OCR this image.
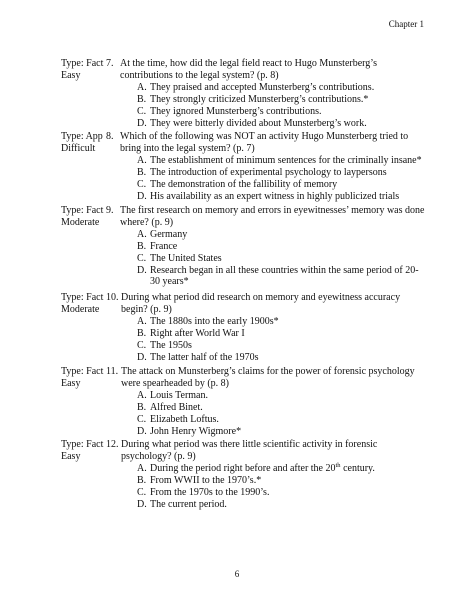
Chapter 1
Type: Fact
Easy
7. At the time, how did the legal field react to Hugo Munsterberg’s contributions to the legal system? (p. 8)
A. They praised and accepted Munsterberg’s contributions.
B. They strongly criticized Munsterberg’s contributions.*
C. They ignored Munsterberg’s contributions.
D. They were bitterly divided about Munsterberg’s work.
Type: App
Difficult
8. Which of the following was NOT an activity Hugo Munsterberg tried to bring into the legal system? (p. 7)
A. The establishment of minimum sentences for the criminally insane*
B. The introduction of experimental psychology to laypersons
C. The demonstration of the fallibility of memory
D. His availability as an expert witness in highly publicized trials
Type: Fact
Moderate
9. The first research on memory and errors in eyewitnesses’ memory was done where? (p. 9)
A. Germany
B. France
C. The United States
D. Research began in all these countries within the same period of 20-30 years*
Type: Fact
Moderate
10. During what period did research on memory and eyewitness accuracy begin? (p. 9)
A. The 1880s into the early 1900s*
B. Right after World War I
C. The 1950s
D. The latter half of the 1970s
Type: Fact
Easy
11. The attack on Munsterberg’s claims for the power of forensic psychology were spearheaded by (p. 8)
A. Louis Terman.
B. Alfred Binet.
C. Elizabeth Loftus.
D. John Henry Wigmore*
Type: Fact
Easy
12. During what period was there little scientific activity in forensic psychology? (p. 9)
A. During the period right before and after the 20th century.
B. From WWII to the 1970’s.*
C. From the 1970s to the 1990’s.
D. The current period.
6
